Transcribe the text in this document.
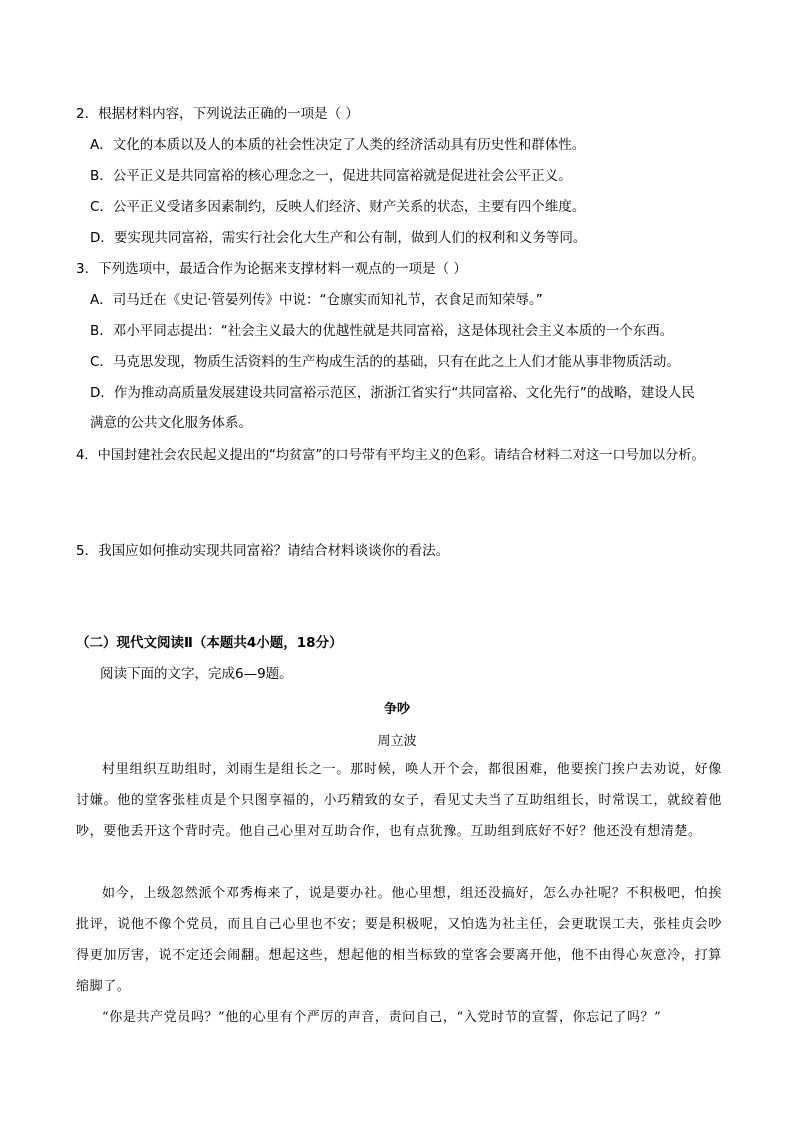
2．根据材料内容，下列说法正确的一项是（ ）
A．文化的本质以及人的本质的社会性决定了人类的经济活动具有历史性和群体性。
B．公平正义是共同富裕的核心理念之一，促进共同富裕就是促进社会公平正义。
C．公平正义受诸多因素制约，反映人们经济、财产关系的状态，主要有四个维度。
D．要实现共同富裕，需实行社会化大生产和公有制，做到人们的权利和义务等同。
3．下列选项中，最适合作为论据来支撑材料一观点的一项是（ ）
A．司马迁在《史记·管晏列传》中说：“仓廪实而知礼节，衣食足而知荣辱。”
B．邓小平同志提出：“社会主义最大的优越性就是共同富裕，这是体现社会主义本质的一个东西。
C．马克思发现，物质生活资料的生产构成生活的的基础，只有在此之上人们才能从事非物质活动。
D．作为推动高质量发展建设共同富裕示范区，浙浙江省实行“共同富裕、文化先行”的战略，建设人民
满意的公共文化服务体系。
4．中国封建社会农民起义提出的“均贫富”的口号带有平均主义的色彩。请结合材料二对这一口号加以分析。
5．我国应如何推动实现共同富裕？请结合材料谈谈你的看法。
（二）现代文阅读Ⅱ（本题共4小题，18分）
阅读下面的文字，完成6—9题。
争吵
周立波
村里组织互助组时，刘雨生是组长之一。那时候，唤人开个会，都很困难，他要挨门挨户去劝说，好像讨嫌。他的堂客张桂贞是个只图享福的，小巧精致的女子，看见丈夫当了互助组组长，时常误工，就絞着他吵，要他丢开这个背时壳。他自己心里对互助合作，也有点犹豫。互助组到底好不好？他还没有想清楚。
如今，上级忽然派个邓秀梅来了，说是要办社。他心里想，组还没搞好，怎么办社呢？不积极吧，怕挨批评，说他不像个党员，而且自己心里也不安；要是积极呢，又怕选为社主任，会更耽误工夫，张桂贞会吵得更加厉害，说不定还会闹翻。想起这些，想起他的相当标致的堂客会要离开他，他不由得心灰意冷，打算缩脚了。
“你是共产党员吗？”他的心里有个严厉的声音，责问自己，“入党时节的宣誓，你忘记了吗？”
